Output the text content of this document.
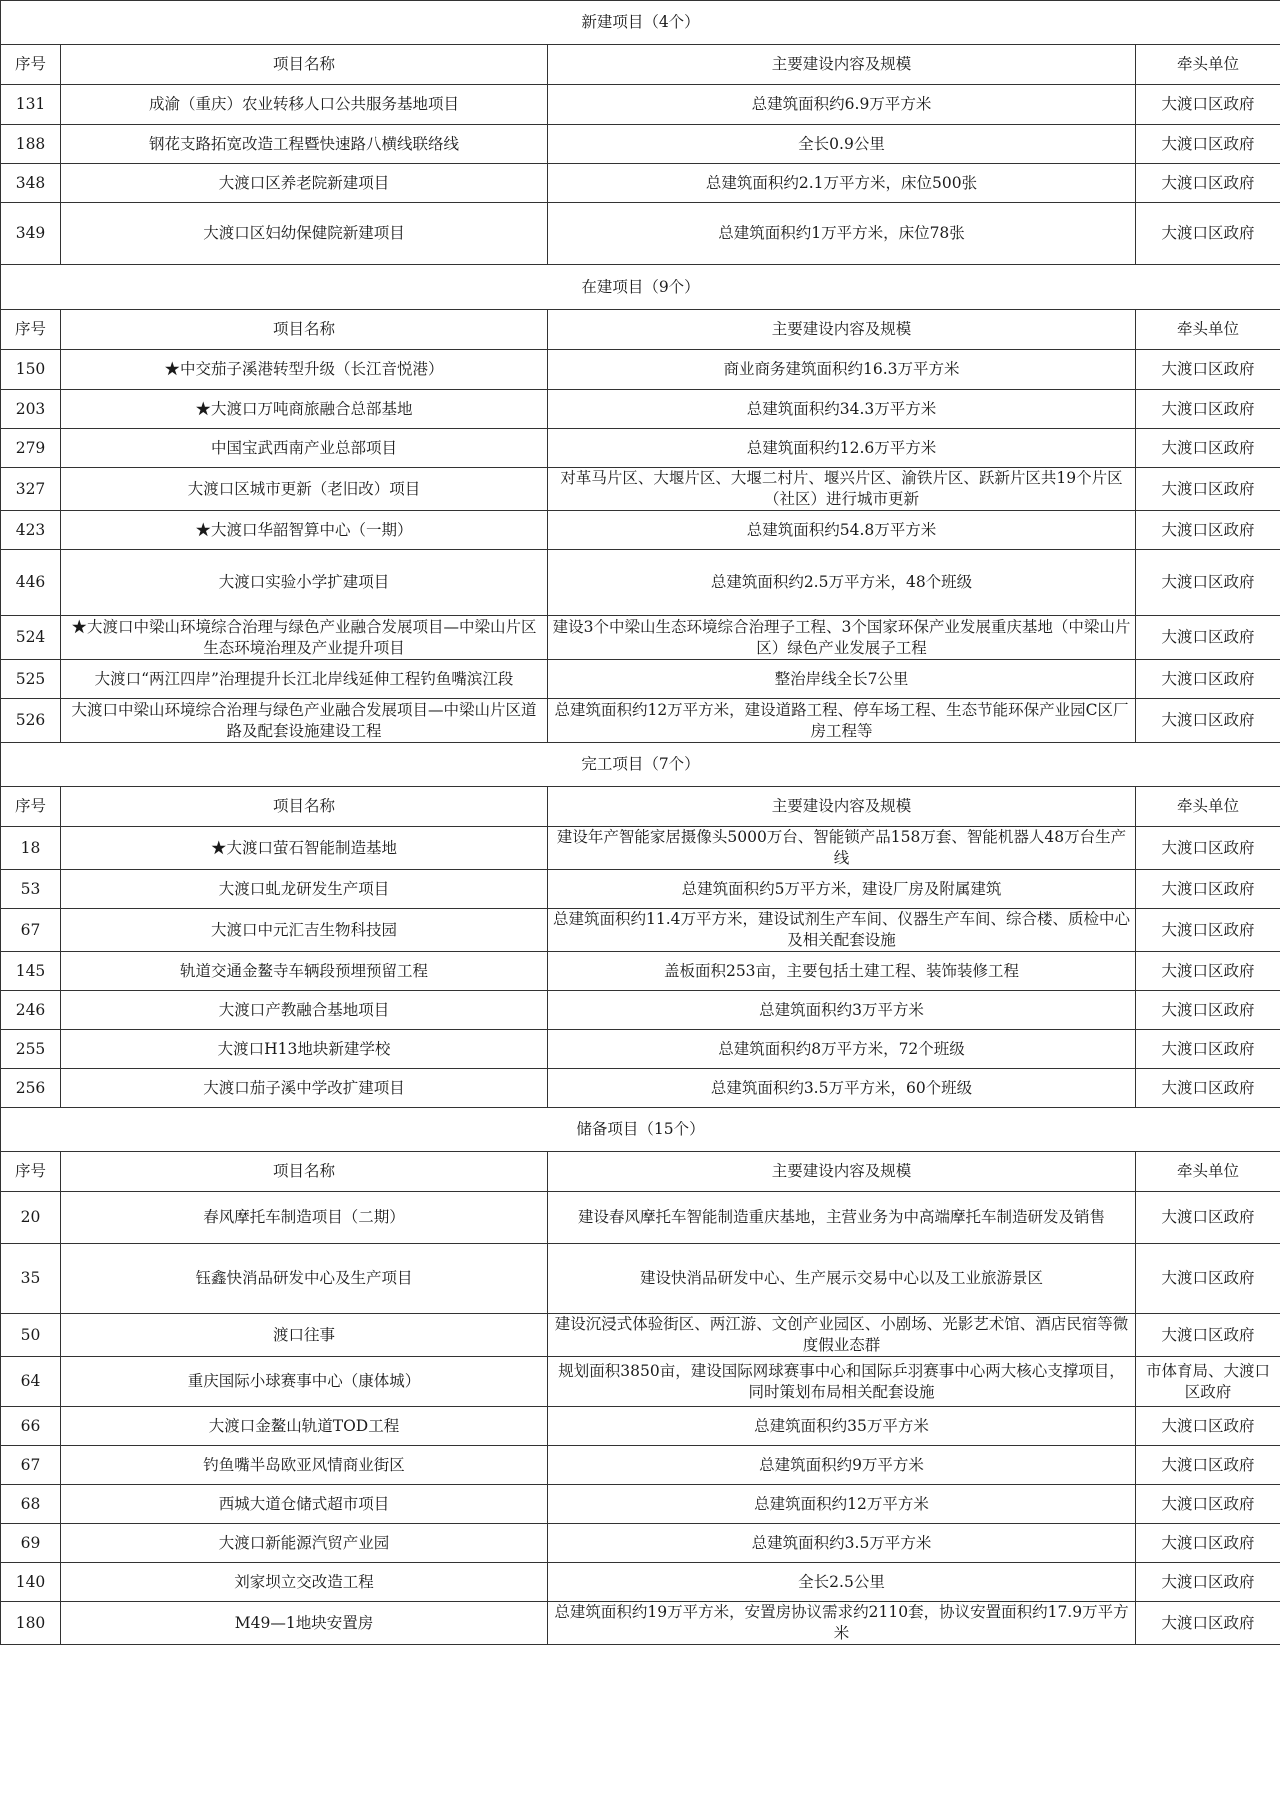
新建项目（4个）			
序号	项目名称	主要建设内容及规模	牵头单位
131	成渝（重庆）农业转移人口公共服务基地项目	总建筑面积约6.9万平方米	大渡口区政府
188	钢花支路拓宽改造工程暨快速路八横线联络线	全长0.9公里	大渡口区政府
348	大渡口区养老院新建项目	总建筑面积约2.1万平方米，床位500张	大渡口区政府
349	大渡口区妇幼保健院新建项目	总建筑面积约1万平方米，床位78张	大渡口区政府
在建项目（9个）			
序号	项目名称	主要建设内容及规模	牵头单位
150	★中交茄子溪港转型升级（长江音悦港）	商业商务建筑面积约16.3万平方米	大渡口区政府
203	★大渡口万吨商旅融合总部基地	总建筑面积约34.3万平方米	大渡口区政府
279	中国宝武西南产业总部项目	总建筑面积约12.6万平方米	大渡口区政府
327	大渡口区城市更新（老旧改）项目	对革马片区、大堰片区、大堰二村片、堰兴片区、渝铁片区、跃新片区共19个片区（社区）进行城市更新	大渡口区政府
423	★大渡口华韶智算中心（一期）	总建筑面积约54.8万平方米	大渡口区政府
446	大渡口实验小学扩建项目	总建筑面积约2.5万平方米，48个班级	大渡口区政府
524	★大渡口中梁山环境综合治理与绿色产业融合发展项目—中梁山片区生态环境治理及产业提升项目	建设3个中梁山生态环境综合治理子工程、3个国家环保产业发展重庆基地（中梁山片区）绿色产业发展子工程	大渡口区政府
525	大渡口“两江四岸”治理提升长江北岸线延伸工程钓鱼嘴滨江段	整治岸线全长7公里	大渡口区政府
526	大渡口中梁山环境综合治理与绿色产业融合发展项目—中梁山片区道路及配套设施建设工程	总建筑面积约12万平方米，建设道路工程、停车场工程、生态节能环保产业园C区厂房工程等	大渡口区政府
完工项目（7个）			
序号	项目名称	主要建设内容及规模	牵头单位
18	★大渡口萤石智能制造基地	建设年产智能家居摄像头5000万台、智能锁产品158万套、智能机器人48万台生产线	大渡口区政府
53	大渡口虬龙研发生产项目	总建筑面积约5万平方米，建设厂房及附属建筑	大渡口区政府
67	大渡口中元汇吉生物科技园	总建筑面积约11.4万平方米，建设试剂生产车间、仪器生产车间、综合楼、质检中心及相关配套设施	大渡口区政府
145	轨道交通金鳌寺车辆段预埋预留工程	盖板面积253亩，主要包括土建工程、装饰装修工程	大渡口区政府
246	大渡口产教融合基地项目	总建筑面积约3万平方米	大渡口区政府
255	大渡口H13地块新建学校	总建筑面积约8万平方米，72个班级	大渡口区政府
256	大渡口茄子溪中学改扩建项目	总建筑面积约3.5万平方米，60个班级	大渡口区政府
储备项目（15个）			
序号	项目名称	主要建设内容及规模	牵头单位
20	春风摩托车制造项目（二期）	建设春风摩托车智能制造重庆基地，主营业务为中高端摩托车制造研发及销售	大渡口区政府
35	钰鑫快消品研发中心及生产项目	建设快消品研发中心、生产展示交易中心以及工业旅游景区	大渡口区政府
50	渡口往事	建设沉浸式体验街区、两江游、文创产业园区、小剧场、光影艺术馆、酒店民宿等微度假业态群	大渡口区政府
64	重庆国际小球赛事中心（康体城）	规划面积3850亩，建设国际网球赛事中心和国际乒羽赛事中心两大核心支撑项目，同时策划布局相关配套设施	市体育局、大渡口区政府
66	大渡口金鳌山轨道TOD工程	总建筑面积约35万平方米	大渡口区政府
67	钓鱼嘴半岛欧亚风情商业街区	总建筑面积约9万平方米	大渡口区政府
68	西城大道仓储式超市项目	总建筑面积约12万平方米	大渡口区政府
69	大渡口新能源汽贸产业园	总建筑面积约3.5万平方米	大渡口区政府
140	刘家坝立交改造工程	全长2.5公里	大渡口区政府
180	M49—1地块安置房	总建筑面积约19万平方米，安置房协议需求约2110套，协议安置面积约17.9万平方米	大渡口区政府
